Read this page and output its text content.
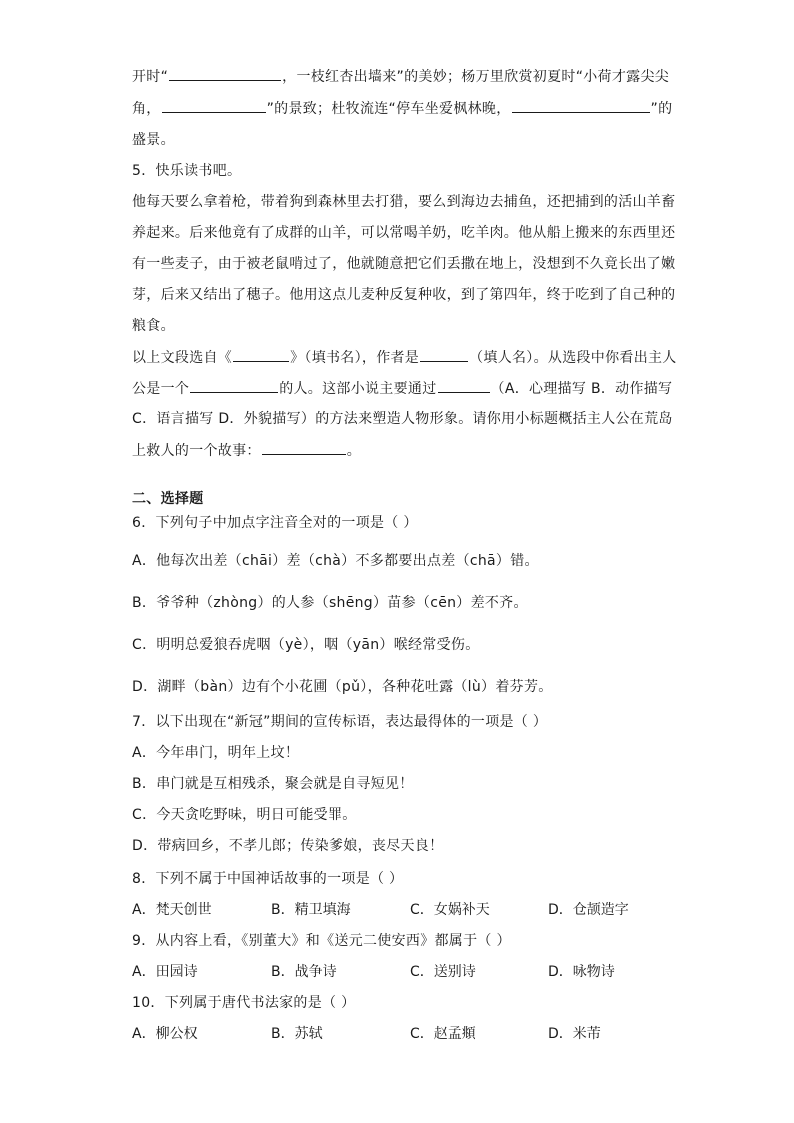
开时“	，一枝红杏出墙来”的美妙；杨万里欣赏初夏时“小荷才露尖尖
角，	”的景致；杜牧流连“停车坐爱枫林晚，	”的
盛景。
5．快乐读书吧。
他每天要么拿着枪，带着狗到森林里去打猎，要么到海边去捕鱼，还把捕到的活山羊畜
养起来。后来他竟有了成群的山羊，可以常喝羊奶，吃羊肉。他从船上搬来的东西里还
有一些麦子，由于被老鼠啃过了，他就随意把它们丢撒在地上，没想到不久竟长出了嫩
芽，后来又结出了穗子。他用这点儿麦种反复种收，到了第四年，终于吃到了自己种的
粮食。
以上文段选自《	》（填书名），作者是	（填人名）。从选段中你看出主人
公是一个	的人。这部小说主要通过	（A．心理描写 B．动作描写
C．语言描写 D．外貌描写）的方法来塑造人物形象。请你用小标题概括主人公在荒岛
上救人的一个故事：	。
二、选择题
6．下列句子中加点字注音全对的一项是（ ）
A．他每次出差（chāi）差（chà）不多都要出点差（chā）错。
B．爷爷种（zhòng）的人参（shēng）苗参（cēn）差不齐。
C．明明总爱狼吞虎咽（yè），咽（yān）喉经常受伤。
D．湖畔（bàn）边有个小花圃（pǔ），各种花吐露（lù）着芬芳。
7．以下出现在“新冠”期间的宣传标语，表达最得体的一项是（ ）
A．今年串门，明年上坟！
B．串门就是互相残杀，聚会就是自寻短见！
C．今天贪吃野味，明日可能受罪。
D．带病回乡，不孝儿郎；传染爹娘，丧尽天良！
8．下列不属于中国神话故事的一项是（ ）
A．梵天创世	B．精卫填海	C．女娲补天	D．仓颉造字
9．从内容上看，《别董大》和《送元二使安西》都属于（ ）
A．田园诗	B．战争诗	C．送别诗	D．咏物诗
10．下列属于唐代书法家的是（ ）
A．柳公权	B．苏轼	C．赵孟頫	D．米芾
